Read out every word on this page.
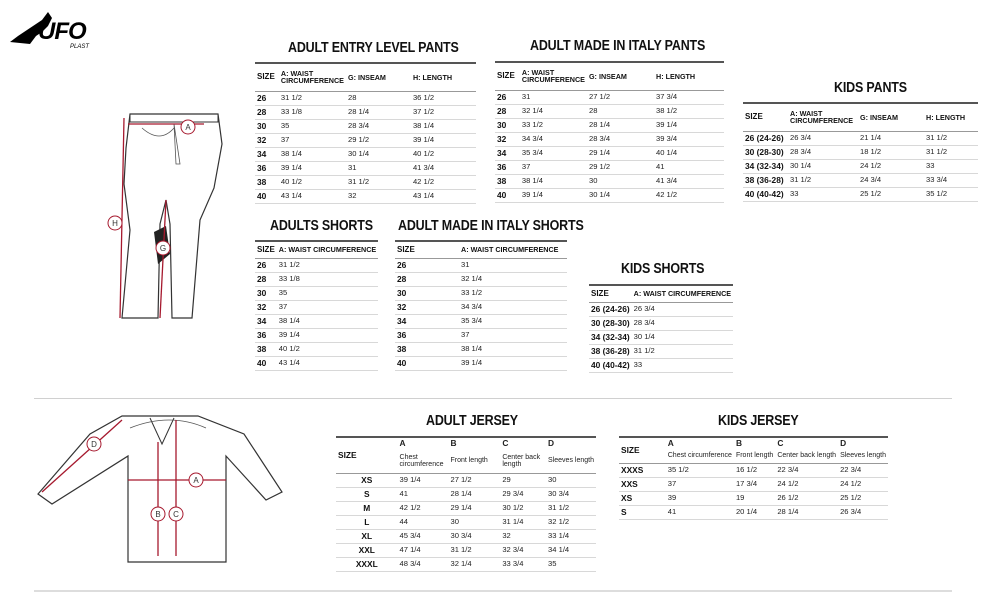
UFO
PLAST
A
H
G
D
A
B C
ADULT ENTRY LEVEL PANTS
SIZE	A: WAIST CIRCUMFERENCE	G: INSEAM	H: LENGTH
26	31 1/2	28	36 1/2
28	33 1/8	28 1/4	37 1/2
30	35	28 3/4	38 1/4
32	37	29 1/2	39 1/4
34	38 1/4	30 1/4	40 1/2
36	39 1/4	31	41 3/4
38	40 1/2	31 1/2	42 1/2
40	43 1/4	32	43 1/4
ADULT MADE IN ITALY PANTS
SIZE	A: WAIST CIRCUMFERENCE	G: INSEAM	H: LENGTH
26	31	27 1/2	37 3/4
28	32 1/4	28	38 1/2
30	33 1/2	28 1/4	39 1/4
32	34 3/4	28 3/4	39 3/4
34	35 3/4	29 1/4	40 1/4
36	37	29 1/2	41
38	38 1/4	30	41 3/4
40	39 1/4	30 1/4	42 1/2
KIDS PANTS
SIZE	A: WAIST CIRCUMFERENCE	G: INSEAM	H: LENGTH
26 (24-26)	26 3/4	21 1/4	31 1/2
30 (28-30)	28 3/4	18 1/2	31 1/2
34 (32-34)	30 1/4	24 1/2	33
38 (36-28)	31 1/2	24 3/4	33 3/4
40 (40-42)	33	25 1/2	35 1/2
ADULTS SHORTS
SIZE	A: WAIST CIRCUMFERENCE
26	31 1/2
28	33 1/8
30	35
32	37
34	38 1/4
36	39 1/4
38	40 1/2
40	43 1/4
ADULT MADE IN ITALY SHORTS
SIZE	A: WAIST CIRCUMFERENCE
26	31
28	32 1/4
30	33 1/2
32	34 3/4
34	35 3/4
36	37
38	38 1/4
40	39 1/4
KIDS SHORTS
SIZE	A: WAIST CIRCUMFERENCE
26 (24-26)	26 3/4
30 (28-30)	28 3/4
34 (32-34)	30 1/4
38 (36-28)	31 1/2
40 (40-42)	33
ADULT JERSEY
SIZE	A	B	C	D
	Chest circumference	Front length	Center back length	Sleeves length
XS	39 1/4	27 1/2	29	30
S	41	28 1/4	29 3/4	30 3/4
M	42 1/2	29 1/4	30 1/2	31 1/2
L	44	30	31 1/4	32 1/2
XL	45 3/4	30 3/4	32	33 1/4
XXL	47 1/4	31 1/2	32 3/4	34 1/4
XXXL	48 3/4	32 1/4	33 3/4	35
KIDS JERSEY
SIZE	A	B	C	D
	Chest circumference	Front length	Center back length	Sleeves length
XXXS	35 1/2	16 1/2	22 3/4	22 3/4
XXS	37	17 3/4	24 1/2	24 1/2
XS	39	19	26 1/2	25 1/2
S	41	20 1/4	28 1/4	26 3/4
